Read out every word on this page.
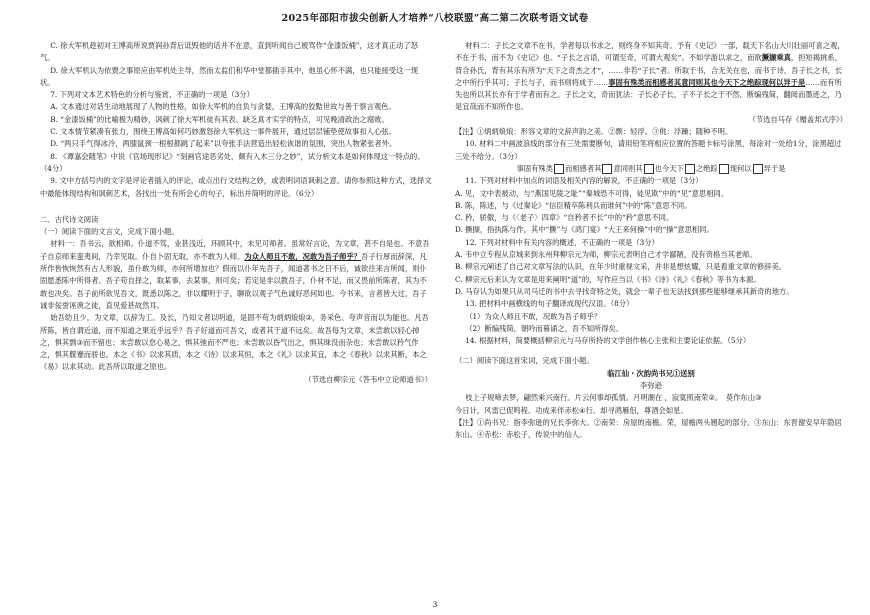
2025年邵阳市拔尖创新人才培养“八校联盟”高二第二次联考语文试卷

C. 徐大军机趁初对王博高所说贾润孙背后诋毁他的话并不在意，直到听闻自己被骂作“金漆饭桶”，这才真正动了怒气。

D. 徐大军机认为依贾之事原应由军机处主导，然而太监们和华中堂都插手其中，他虽心怀不满，也只能接受这一现状。

7. 下列对文本艺术特色的分析与鉴赏，不正确的一项是（3分）

A. 文本通过对话生动地展现了人物的性格，如徐大军机的自负与贪婪，王博高的狡黠世故与善于察言观色。

B. “金漆饭桶”的比喻极为精妙，讽刺了徐大军机徒有其表、缺乏真才实学的特点，可见晚清政治之腐败。

C. 文本情节紧凑有张力，围绕王博高如何巧妙激怒徐大军机这一事件展开，通过层层铺垫使故事扣人心弦。

D. “两只手气得冰冷，两膝鼠颈一根根都跳了起来”以夸张手法营造出轻松诙谐的氛围，突出人物紧张者外。

8. 《谭嘉会随笔》中说《官场现形记》“刻画官途恶劣处，颇有入木三分之妙”，试分析文本是如何体现这一特点的。（4分）

9. 文中方括号内的文字是评论者插入的评论，或点出行文结构之妙，或表明词语讽刺之意。请你参照这种方式，选择文中最能体现结构和讽刺艺术，各找出一处有所会心的句子，标出并简明的评论。（6分）

二、古代诗文阅读

（一）阅读下面的文言文，完成下面小题。

材料一：吾书云，欲相师。仆道不笃，业甚浅近，环顾其中，未见可师者。虽常好言论，为文章，甚不自是也。不意吾子自京师来蛮夷间，乃幸见取。仆自卜固无取，亦不敢为人师。为众人师且不敢，况敢为吾子师乎？吾子行厚而辞深，凡所作皆恢恢然有古人形貌，虽仆敢为师，亦何所增加也？假而以仆年先吾子，闻道著书之日不后，诚欲往来言所闻，则仆固愿悉陈中所得者。吾子苟自择之，取某事，去某事，则可矣；若定是非以教吾子，仆材不足，而又畏前所陈者，其为不敢也决矣。吾子前所欲见吾文，既悉以陈之，非以耀明于子，聊欲以观子气色诚好恶何如也。今书来，言者皆大过，吾子诚非佞誉诬谀之徒，直见爱甚故然耳。

始吾幼且少，为文章，以辞为工。及长，乃知文者以明道，是固不苟为炳炳烺烺②，务采色、夸声音而以为能也。凡吾所陈，皆自谓近道，而不知道之果近乎远乎？吾子好道而可吾文，或者其于道不远矣。故吾每为文章，未尝敢以轻心掉之，惧其剽③而不留也；未尝敢以怠心易之，惧其弛而不严也；未尝敢以昏气出之，惧其昧没而杂也；未尝敢以矜气作之，惧其偃蹇而骄也。本之《书》以求其质，本之《诗》以求其恒，本之《礼》以求其宜，本之《春秋》以求其断，本之《易》以求其动。此吾所以取道之原也。

（节选自柳宗元《答韦中立论师道书》）

材料二：子长之文章不在书，学者每以书求之，则终身不知其奇。予有《史记》一部，载天下名山大川壮丽可喜之观，不在于书，而不为《史记》也。“子长之言语，可谓至奇，可谓大观矣”。不如学游以求之，而欲撅撷乘真，担短揭挑系，背合孙氏，背有其乐有所为“天下之奇杰之才”，……非若“子长”者。所取于书，合无关在也，而书于诗，吾子长之书，长之中所行乎其可；子长与子，而书则将成于……事固有殊类而相感者其意同则其也今天下之绝踪现何以异于是……而有所失也所以其长亦有于学者而有之。子长之文，奇而犹法：子长必子长，子不子长之于不然，断编残简，翻阅而墨迹之，乃是宜哉而不知所作也。

（节选自马存《赠盖邦式序》）

【注】①炳炳烺烺：形容文章的文辞声韵之美。②剽：轻浮。③佻：浮躁；随种不明。

10. 材料二中画波浪线的部分有三处需要断句，请用铅笔将相应位置的答题卡标号涂黑，每涂对一处给1分，涂黑超过三处不给分。（3分）

事固有殊类 而相感者其 意同则其 也今天下 之绝踪 现何以 异于是

11. 下列对材料中加点的词语及相关内容的解说，不正确的一项是（3分）

A. 见，文中表被动，与“燕国见陵之耻”“秦城恐不可得，徒见欺”中的“见”意思相同。

B. 陈，陈述，与《过秦论》“信臣精卒陈利兵而谁何”中的“陈”意思不同。

C. 矜，骄傲，与《〈老子〉四章》“自矜者不长”中的“矜”意思不同。

D. 撅撷，指执陈与作，其中“撅”与《鸿门宴》“大王来何操”中的“操”意思相同。

12. 下列对材料中有关内容的概述，不正确的一项是（3分）

A. 韦中立专程从京城来到永州拜柳宗元为师，柳宗元表明自己才学鄙陋，没有资格当其老师。

B. 柳宗元阐述了自己对文章写法的认识，在年少时重视文采，并非是想炫耀，只是看重文章的修辞美。

C. 柳宗元后来认为文章是用来阐明“道”的，写作应当以《书》《诗》《礼》《春秋》等书为本源。

D. 马存认为如果只从司马迁的书中去寻找奇特之处，就会一辈子也无法找到那些能够继承其新奇的地方。

13. 把材料中画横线的句子翻译成现代汉语。（8分）

（1）为众人师且不敢，况敢为吾子师乎？

（2）断编残简，朝吟而暮诵之，吾不知所得矣。

14. 根据材料，简要概括柳宗元与马存所持的文学创作核心主张和主要论证依据。（5分）

（二）阅读下面这首宋词，完成下面小题。

临江仙・次韵尚书兄①送别

李弥逊

枝上子规啼去梦，翩然乘兴南行。片云何事却孤情。月明潮在 ，寂寞照南荣②。　 莫作东山③

今日计，风雷已促鸣程。功成来伴赤松④行。却寻鸿雁侣，尊酒会如星。

【注】①尚书兄：指李弥逊的兄长李弥大。②南荣：房屋的南檐。荣，屋檐两头翘起的部分。③东山：东晋谢安早年隐居东山。④赤松：赤松子，传说中的仙人。

3
